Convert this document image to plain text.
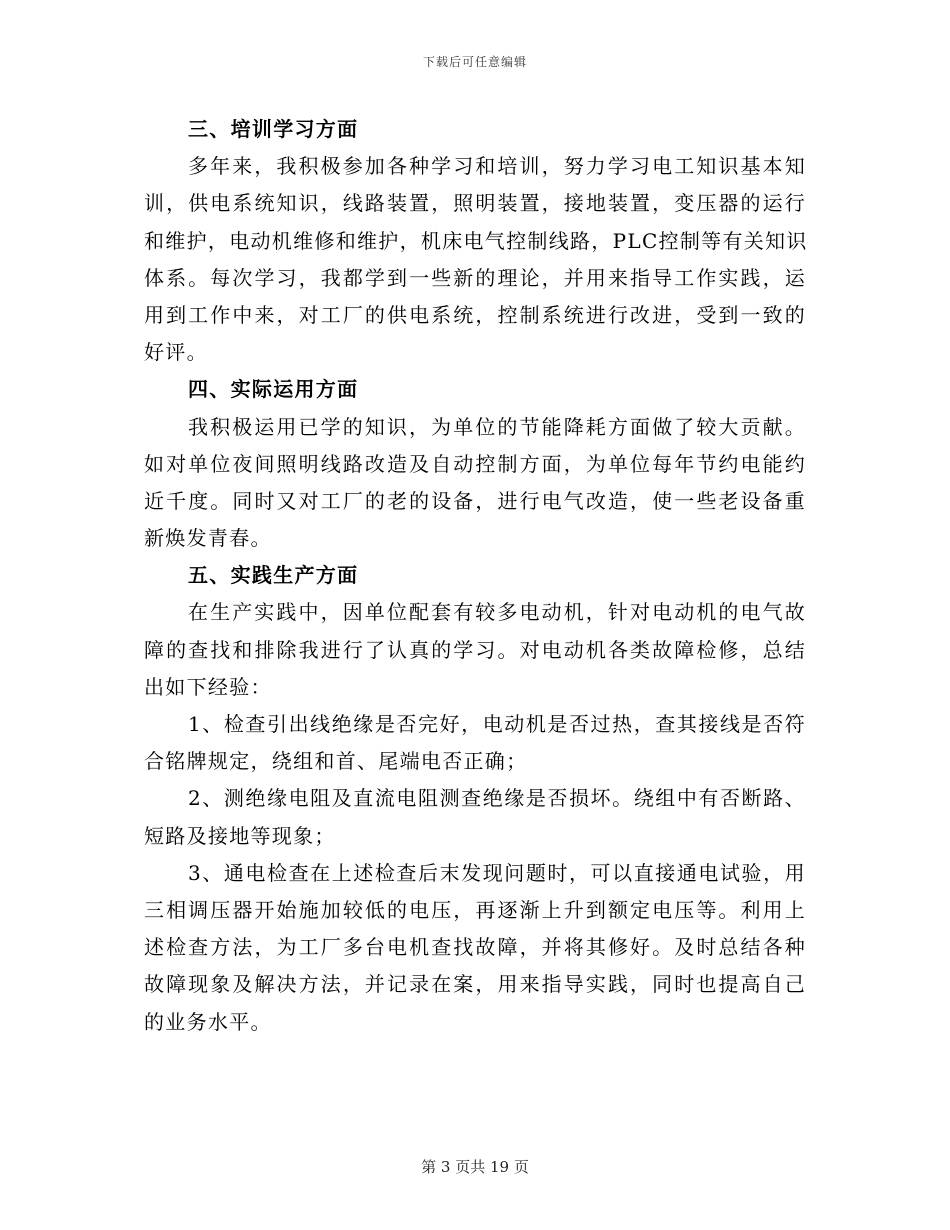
下载后可任意编辑
三、培训学习方面
多年来，我积极参加各种学习和培训，努力学习电工知识基本知
训，供电系统知识，线路装置，照明装置，接地装置，变压器的运行
和维护，电动机维修和维护，机床电气控制线路，PLC控制等有关知识
体系。每次学习，我都学到一些新的理论，并用来指导工作实践，运
用到工作中来，对工厂的供电系统，控制系统进行改进，受到一致的
好评。
四、实际运用方面
我积极运用已学的知识，为单位的节能降耗方面做了较大贡献。
如对单位夜间照明线路改造及自动控制方面，为单位每年节约电能约
近千度。同时又对工厂的老的设备，进行电气改造，使一些老设备重
新焕发青春。
五、实践生产方面
在生产实践中，因单位配套有较多电动机，针对电动机的电气故
障的查找和排除我进行了认真的学习。对电动机各类故障检修，总结
出如下经验：
1、检查引出线绝缘是否完好，电动机是否过热，查其接线是否符
合铭牌规定，绕组和首、尾端电否正确；
2、测绝缘电阻及直流电阻测查绝缘是否损坏。绕组中有否断路、
短路及接地等现象；
3、通电检查在上述检查后末发现问题时，可以直接通电试验，用
三相调压器开始施加较低的电压，再逐渐上升到额定电压等。利用上
述检查方法，为工厂多台电机查找故障，并将其修好。及时总结各种
故障现象及解决方法，并记录在案，用来指导实践，同时也提高自己
的业务水平。
第 3 页共 19 页
